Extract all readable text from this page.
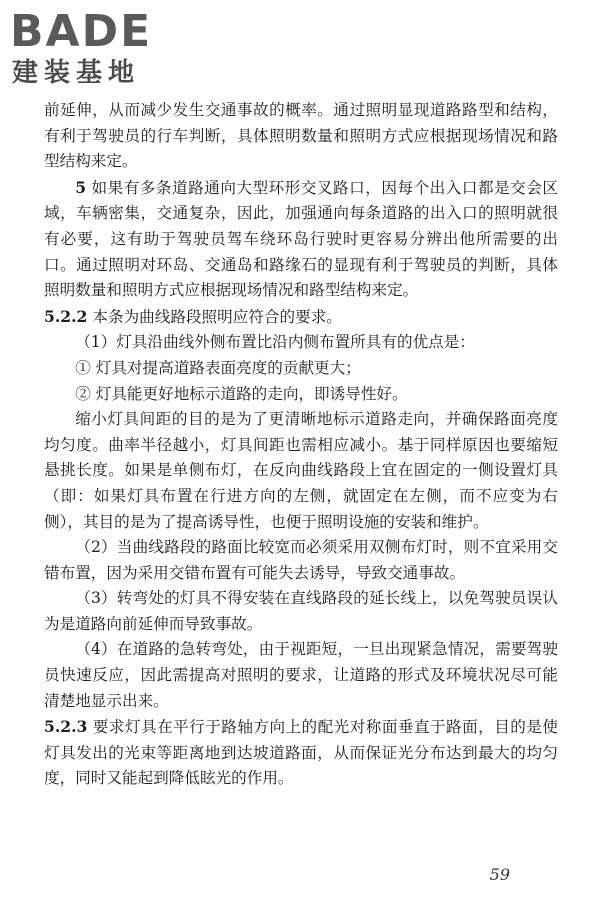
BADE
建装基地

前延伸，从而减少发生交通事故的概率。通过照明显现道路路型和结构，有利于驾驶员的行车判断，具体照明数量和照明方式应根据现场情况和路型结构来定。

5 如果有多条道路通向大型环形交叉路口，因每个出入口都是交会区域，车辆密集，交通复杂，因此，加强通向每条道路的出入口的照明就很有必要，这有助于驾驶员驾车绕环岛行驶时更容易分辨出他所需要的出口。通过照明对环岛、交通岛和路缘石的显现有利于驾驶员的判断，具体照明数量和照明方式应根据现场情况和路型结构来定。

5.2.2 本条为曲线路段照明应符合的要求。

（1）灯具沿曲线外侧布置比沿内侧布置所具有的优点是：

① 灯具对提高道路表面亮度的贡献更大；

② 灯具能更好地标示道路的走向，即诱导性好。

缩小灯具间距的目的是为了更清晰地标示道路走向，并确保路面亮度均匀度。曲率半径越小，灯具间距也需相应减小。基于同样原因也要缩短悬挑长度。如果是单侧布灯，在反向曲线路段上宜在固定的一侧设置灯具（即：如果灯具布置在行进方向的左侧，就固定在左侧，而不应变为右侧），其目的是为了提高诱导性，也便于照明设施的安装和维护。

（2）当曲线路段的路面比较宽而必须采用双侧布灯时，则不宜采用交错布置，因为采用交错布置有可能失去诱导，导致交通事故。

（3）转弯处的灯具不得安装在直线路段的延长线上，以免驾驶员误认为是道路向前延伸而导致事故。

（4）在道路的急转弯处，由于视距短，一旦出现紧急情况，需要驾驶员快速反应，因此需提高对照明的要求，让道路的形式及环境状况尽可能清楚地显示出来。

5.2.3 要求灯具在平行于路轴方向上的配光对称面垂直于路面，目的是使灯具发出的光束等距离地到达坡道路面，从而保证光分布达到最大的均匀度，同时又能起到降低眩光的作用。

59
